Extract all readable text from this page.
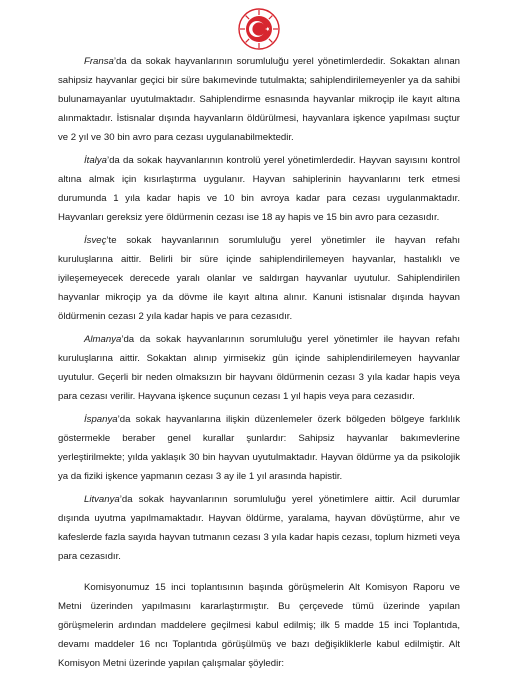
Fransa’da da sokak hayvanlarının sorumluluğu yerel yönetimlerdedir. Sokaktan alınan sahipsiz hayvanlar geçici bir süre bakımevinde tutulmakta; sahiplendirilemeyenler ya da sahibi bulunamayanlar uyutulmaktadır. Sahiplendirme esnasında hayvanlar mikroçip ile kayıt altına alınmaktadır. İstisnalar dışında hayvanların öldürülmesi, hayvanlara işkence yapılması suçtur ve 2 yıl ve 30 bin avro para cezası uygulanabilmektedir.

İtalya’da da sokak hayvanlarının kontrolü yerel yönetimlerdedir. Hayvan sayısını kontrol altına almak için kısırlaştırma uygulanır. Hayvan sahiplerinin hayvanlarını terk etmesi durumunda 1 yıla kadar hapis ve 10 bin avroya kadar para cezası uygulanmaktadır. Hayvanları gereksiz yere öldürmenin cezası ise 18 ay hapis ve 15 bin avro para cezasıdır.

İsveç’te sokak hayvanlarının sorumluluğu yerel yönetimler ile hayvan refahı kuruluşlarına aittir. Belirli bir süre içinde sahiplendirilemeyen hayvanlar, hastalıklı ve iyileşemeyecek derecede yaralı olanlar ve saldırgan hayvanlar uyutulur. Sahiplendirilen hayvanlar mikroçip ya da dövme ile kayıt altına alınır. Kanuni istisnalar dışında hayvan öldürmenin cezası 2 yıla kadar hapis ve para cezasıdır.

Almanya’da da sokak hayvanlarının sorumluluğu yerel yönetimler ile hayvan refahı kuruluşlarına aittir. Sokaktan alınıp yirmisekiz gün içinde sahiplendirilemeyen hayvanlar uyutulur. Geçerli bir neden olmaksızın bir hayvanı öldürmenin cezası 3 yıla kadar hapis veya para cezası verilir. Hayvana işkence suçunun cezası 1 yıl hapis veya para cezasıdır.

İspanya’da sokak hayvanlarına ilişkin düzenlemeler özerk bölgeden bölgeye farklılık göstermekle beraber genel kurallar şunlardır: Sahipsiz hayvanlar bakımevlerine yerleştirilmekte; yılda yaklaşık 30 bin hayvan uyutulmaktadır. Hayvan öldürme ya da psikolojik ya da fiziki işkence yapmanın cezası 3 ay ile 1 yıl arasında hapistir.

Litvanya’da sokak hayvanlarının sorumluluğu yerel yönetimlere aittir. Acil durumlar dışında uyutma yapılmamaktadır. Hayvan öldürme, yaralama, hayvan dövüştürme, ahır ve kafeslerde fazla sayıda hayvan tutmanın cezası 3 yıla kadar hapis cezası, toplum hizmeti veya para cezasıdır.

Komisyonumuz 15 inci toplantısının başında görüşmelerin Alt Komisyon Raporu ve Metni üzerinden yapılmasını kararlaştırmıştır. Bu çerçevede tümü üzerinde yapılan görüşmelerin ardından maddelere geçilmesi kabul edilmiş; ilk 5 madde 15 inci Toplantıda, devamı maddeler 16 ncı Toplantıda görüşülmüş ve bazı değişikliklerle kabul edilmiştir. Alt Komisyon Metni üzerinde yapılan çalışmalar şöyledir:
